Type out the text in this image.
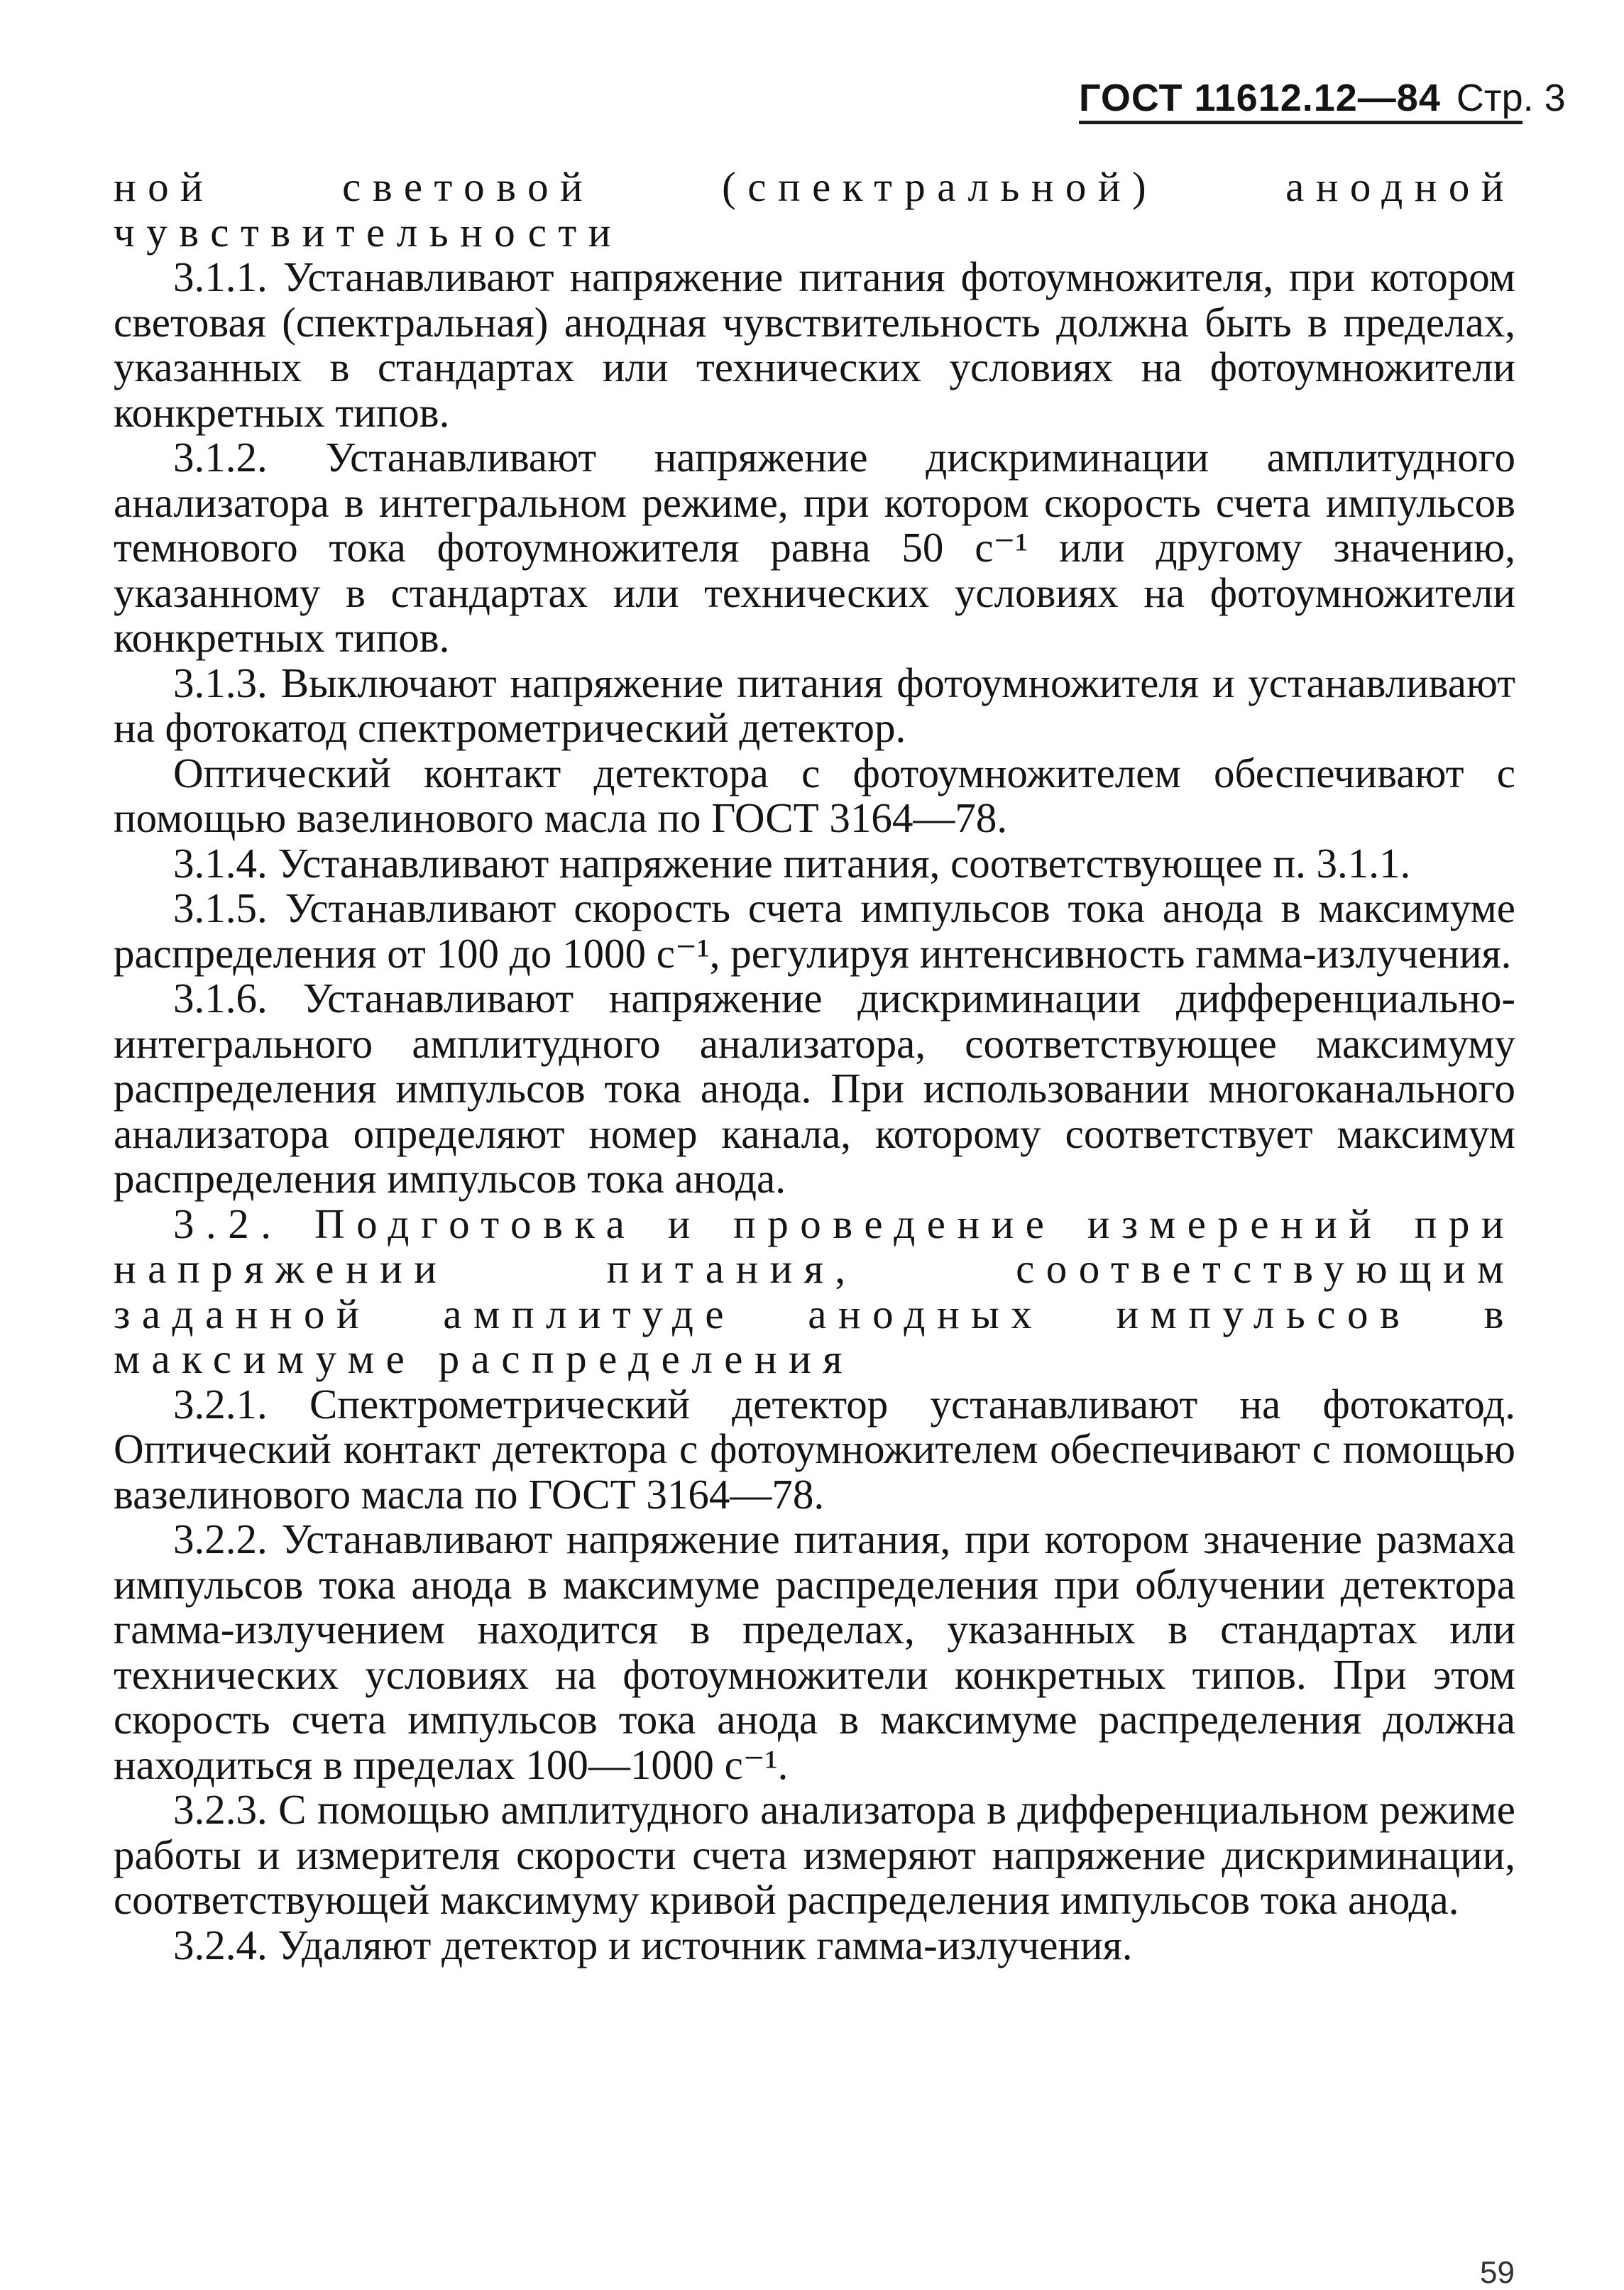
ГОСТ 11612.12—84 Стр. 3

ной световой (спектральной) анодной чувствительности

3.1.1. Устанавливают напряжение питания фотоумножителя, при котором световая (спектральная) анодная чувствительность должна быть в пределах, указанных в стандартах или технических условиях на фотоумножители конкретных типов.

3.1.2. Устанавливают напряжение дискриминации амплитудного анализатора в интегральном режиме, при котором скорость счета импульсов темнового тока фотоумножителя равна 50 с⁻¹ или другому значению, указанному в стандартах или технических условиях на фотоумножители конкретных типов.

3.1.3. Выключают напряжение питания фотоумножителя и устанавливают на фотокатод спектрометрический детектор.

Оптический контакт детектора с фотоумножителем обеспечивают с помощью вазелинового масла по ГОСТ 3164—78.

3.1.4. Устанавливают напряжение питания, соответствующее п. 3.1.1.

3.1.5. Устанавливают скорость счета импульсов тока анода в максимуме распределения от 100 до 1000 с⁻¹, регулируя интенсивность гамма-излучения.

3.1.6. Устанавливают напряжение дискриминации дифференциально-интегрального амплитудного анализатора, соответствующее максимуму распределения импульсов тока анода. При использовании многоканального анализатора определяют номер канала, которому соответствует максимум распределения импульсов тока анода.

3.2. Подготовка и проведение измерений при напряжении питания, соответствующим заданной амплитуде анодных импульсов в максимуме распределения

3.2.1. Спектрометрический детектор устанавливают на фотокатод. Оптический контакт детектора с фотоумножителем обеспечивают с помощью вазелинового масла по ГОСТ 3164—78.

3.2.2. Устанавливают напряжение питания, при котором значение размаха импульсов тока анода в максимуме распределения при облучении детектора гамма-излучением находится в пределах, указанных в стандартах или технических условиях на фотоумножители конкретных типов. При этом скорость счета импульсов тока анода в максимуме распределения должна находиться в пределах 100—1000 с⁻¹.

3.2.3. С помощью амплитудного анализатора в дифференциальном режиме работы и измерителя скорости счета измеряют напряжение дискриминации, соответствующей максимуму кривой распределения импульсов тока анода.

3.2.4. Удаляют детектор и источник гамма-излучения.

59
